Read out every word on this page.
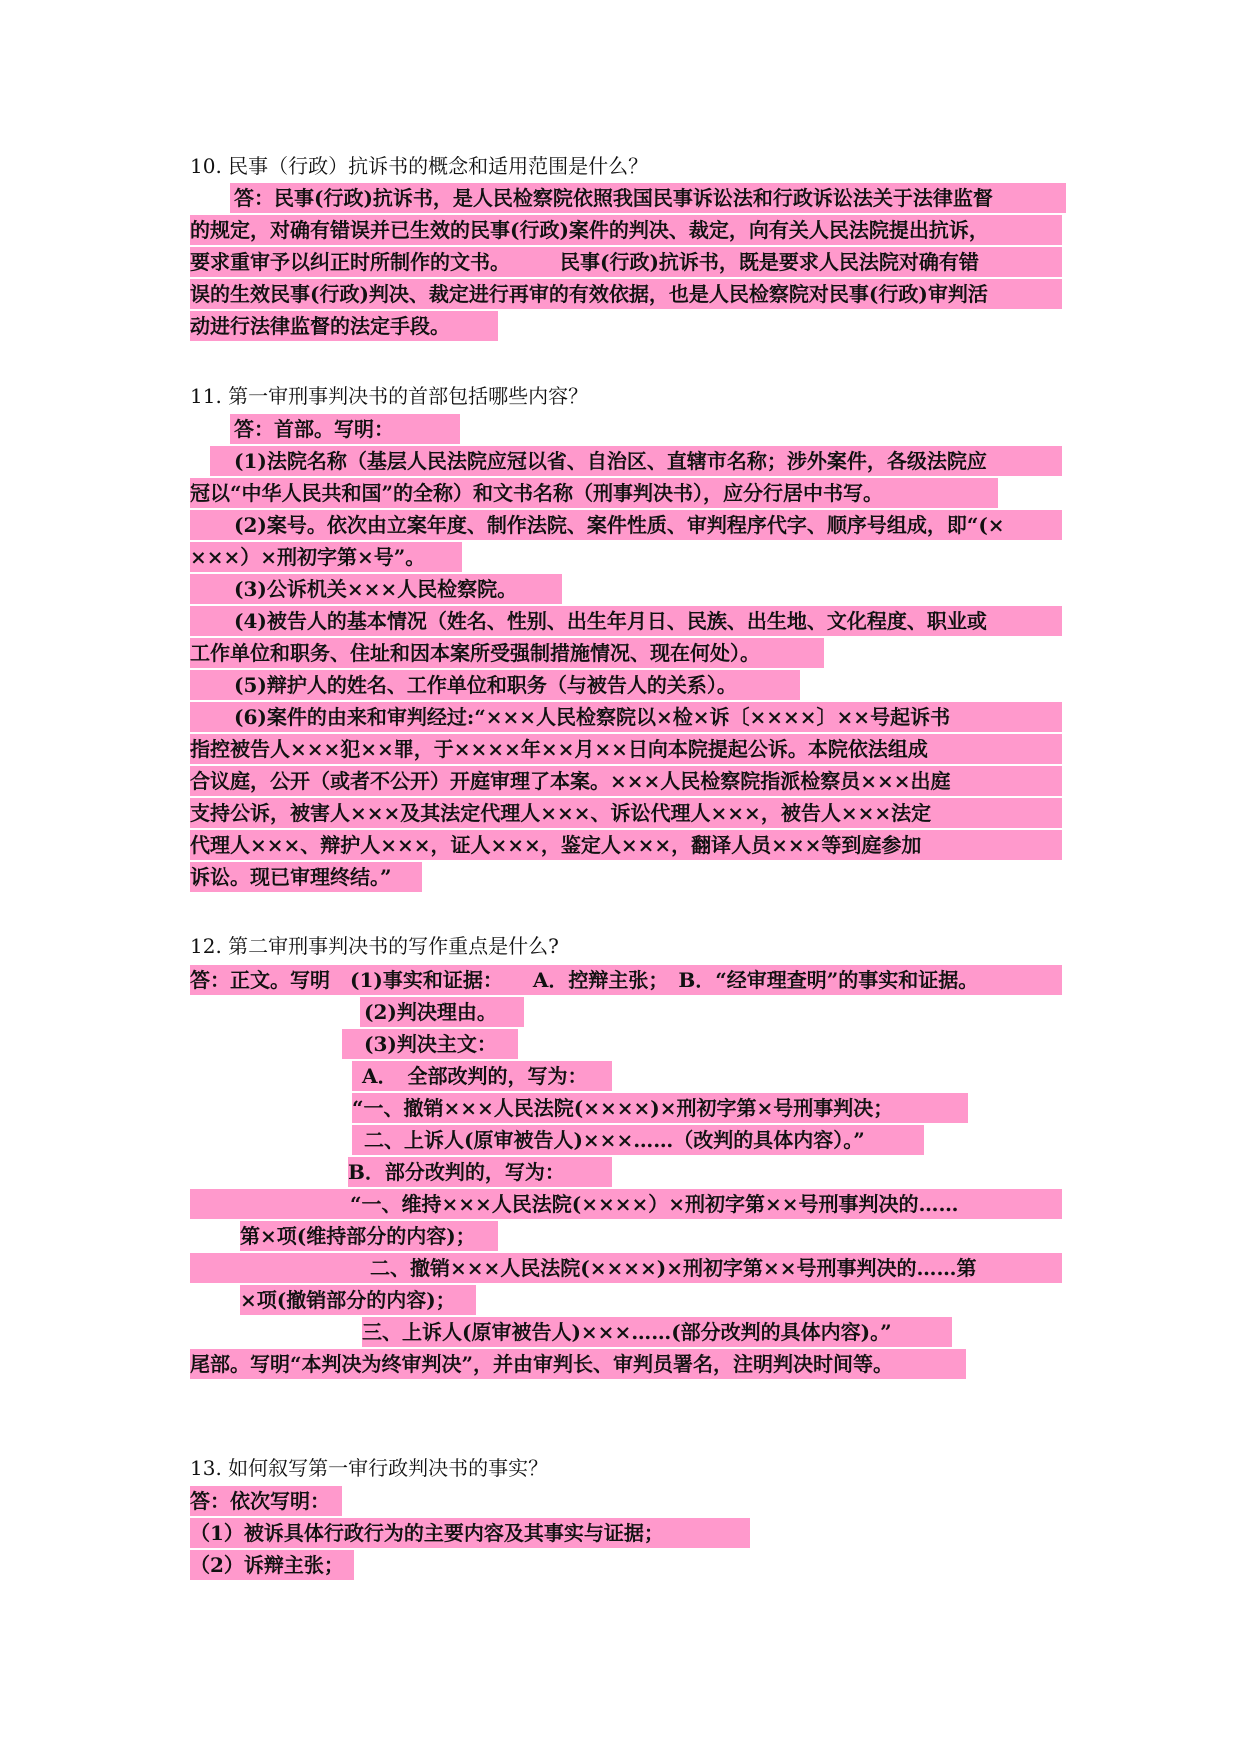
10. 民事（行政）抗诉书的概念和适用范围是什么？
答：民事(行政)抗诉书，是人民检察院依照我国民事诉讼法和行政诉讼法关于法律监督
的规定，对确有错误并已生效的民事(行政)案件的判决、裁定，向有关人民法院提出抗诉，
要求重审予以纠正时所制作的文书。　　　民事(行政)抗诉书，既是要求人民法院对确有错
误的生效民事(行政)判决、裁定进行再审的有效依据，也是人民检察院对民事(行政)审判活
动进行法律监督的法定手段。
11. 第一审刑事判决书的首部包括哪些内容？
答：首部。写明：
(1)法院名称（基层人民法院应冠以省、自治区、直辖市名称；涉外案件，各级法院应
冠以“中华人民共和国”的全称）和文书名称（刑事判决书），应分行居中书写。
(2)案号。依次由立案年度、制作法院、案件性质、审判程序代字、顺序号组成，即“(×
×××）×刑初字第×号”。
(3)公诉机关×××人民检察院。
(4)被告人的基本情况（姓名、性别、出生年月日、民族、出生地、文化程度、职业或
工作单位和职务、住址和因本案所受强制措施情况、现在何处）。
(5)辩护人的姓名、工作单位和职务（与被告人的关系）。
(6)案件的由来和审判经过:“×××人民检察院以×检×诉〔××××〕××号起诉书
指控被告人×××犯××罪，于××××年××月××日向本院提起公诉。本院依法组成
合议庭，公开（或者不公开）开庭审理了本案。×××人民检察院指派检察员×××出庭
支持公诉，被害人×××及其法定代理人×××、诉讼代理人×××，被告人×××法定
代理人×××、辩护人×××，证人×××，鉴定人×××，翻译人员×××等到庭参加
诉讼。现已审理终结。”
12. 第二审刑事判决书的写作重点是什么?
答：正文。写明　(1)事实和证据：　　A．控辩主张；　B．“经审理查明”的事实和证据。
(2)判决理由。
(3)判决主文：
A．　全部改判的，写为：
“一、撤销×××人民法院(××××)×刑初字第×号刑事判决；
二、上诉人(原审被告人)×××……（改判的具体内容）。”
B．部分改判的，写为：
“一、维持×××人民法院(××××）×刑初字第××号刑事判决的……
第×项(维持部分的内容)；
二、撤销×××人民法院(××××)×刑初字第××号刑事判决的……第
×项(撤销部分的内容)；
三、上诉人(原审被告人)×××……(部分改判的具体内容)。”
尾部。写明“本判决为终审判决”，并由审判长、审判员署名，注明判决时间等。
13. 如何叙写第一审行政判决书的事实？
答：依次写明：
（1）被诉具体行政行为的主要内容及其事实与证据；
（2）诉辩主张；
